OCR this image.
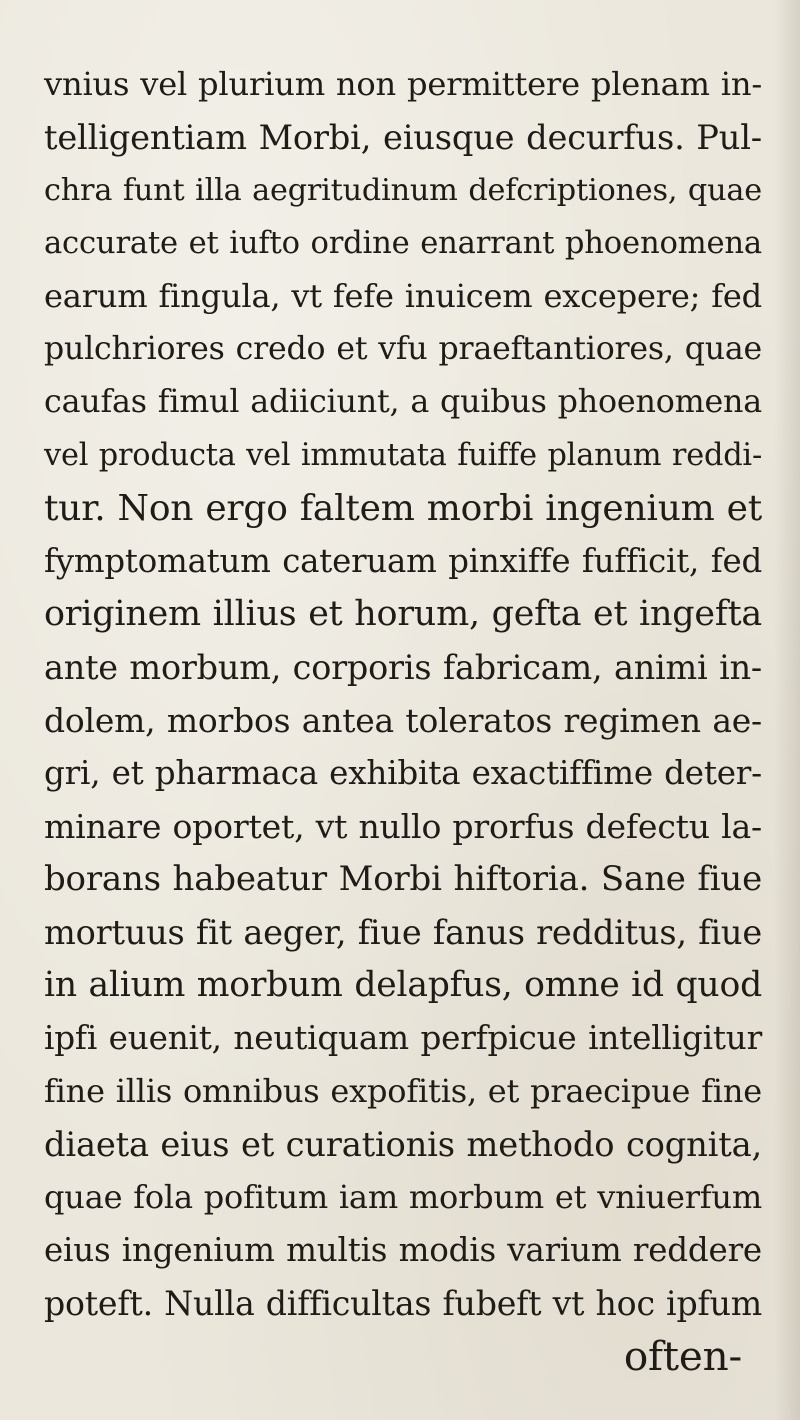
vnius vel plurium non permittere plenam in-
telligentiam Morbi, eiusque decurfus. Pul-
chra funt illa aegritudinum defcriptiones, quae
accurate et iufto ordine enarrant phoenomena
earum fingula, vt fefe inuicem excepere; fed
pulchriores credo et vfu praeftantiores, quae
caufas fimul adiiciunt, a quibus phoenomena
vel producta vel immutata fuiffe planum reddi-
tur. Non ergo faltem morbi ingenium et
fymptomatum cateruam pinxiffe fufficit, fed
originem illius et horum, gefta et ingefta
ante morbum, corporis fabricam, animi in-
dolem, morbos antea toleratos regimen ae-
gri, et pharmaca exhibita exactiffime deter-
minare oportet, vt nullo prorfus defectu la-
borans habeatur Morbi hiftoria. Sane fiue
mortuus fit aeger, fiue fanus redditus, fiue
in alium morbum delapfus, omne id quod
ipfi euenit, neutiquam perfpicue intelligitur
fine illis omnibus expofitis, et praecipue fine
diaeta eius et curationis methodo cognita,
quae fola pofitum iam morbum et vniuerfum
eius ingenium multis modis varium reddere
poteft. Nulla difficultas fubeft vt hoc ipfum
often-
